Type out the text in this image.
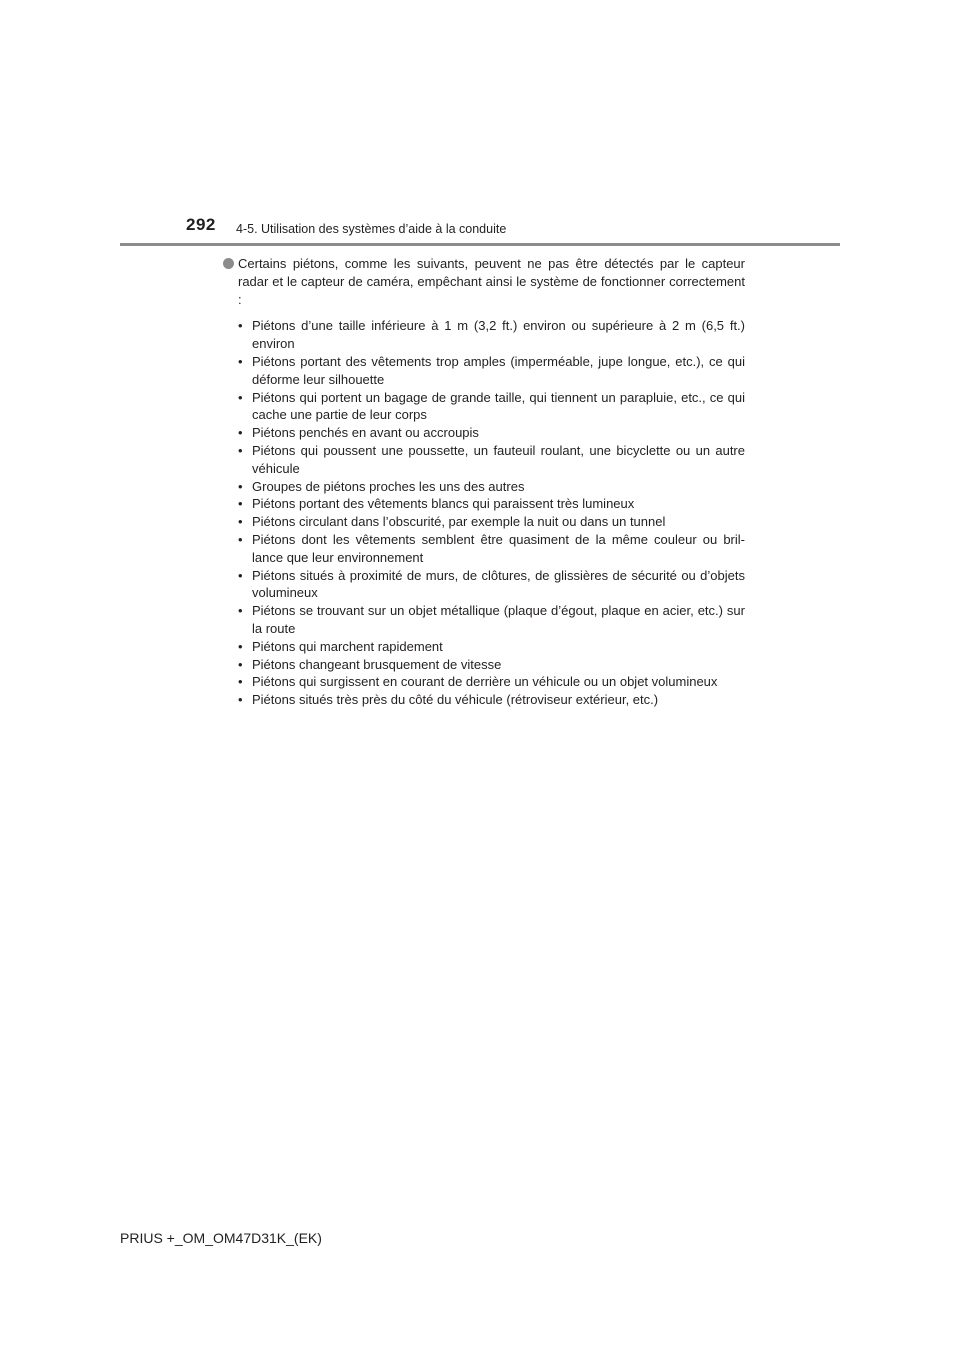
292 4-5. Utilisation des systèmes d’aide à la conduite

Certains piétons, comme les suivants, peuvent ne pas être détectés par le capteur radar et le capteur de caméra, empêchant ainsi le système de fonctionner correctement :

• Piétons d’une taille inférieure à 1 m (3,2 ft.) environ ou supérieure à 2 m (6,5 ft.) environ
• Piétons portant des vêtements trop amples (imperméable, jupe longue, etc.), ce qui déforme leur silhouette
• Piétons qui portent un bagage de grande taille, qui tiennent un parapluie, etc., ce qui cache une partie de leur corps
• Piétons penchés en avant ou accroupis
• Piétons qui poussent une poussette, un fauteuil roulant, une bicyclette ou un autre véhicule
• Groupes de piétons proches les uns des autres
• Piétons portant des vêtements blancs qui paraissent très lumineux
• Piétons circulant dans l’obscurité, par exemple la nuit ou dans un tunnel
• Piétons dont les vêtements semblent être quasiment de la même couleur ou bril-lance que leur environnement
• Piétons situés à proximité de murs, de clôtures, de glissières de sécurité ou d’objets volumineux
• Piétons se trouvant sur un objet métallique (plaque d’égout, plaque en acier, etc.) sur la route
• Piétons qui marchent rapidement
• Piétons changeant brusquement de vitesse
• Piétons qui surgissent en courant de derrière un véhicule ou un objet volumineux
• Piétons situés très près du côté du véhicule (rétroviseur extérieur, etc.)
PRIUS +_OM_OM47D31K_(EK)
